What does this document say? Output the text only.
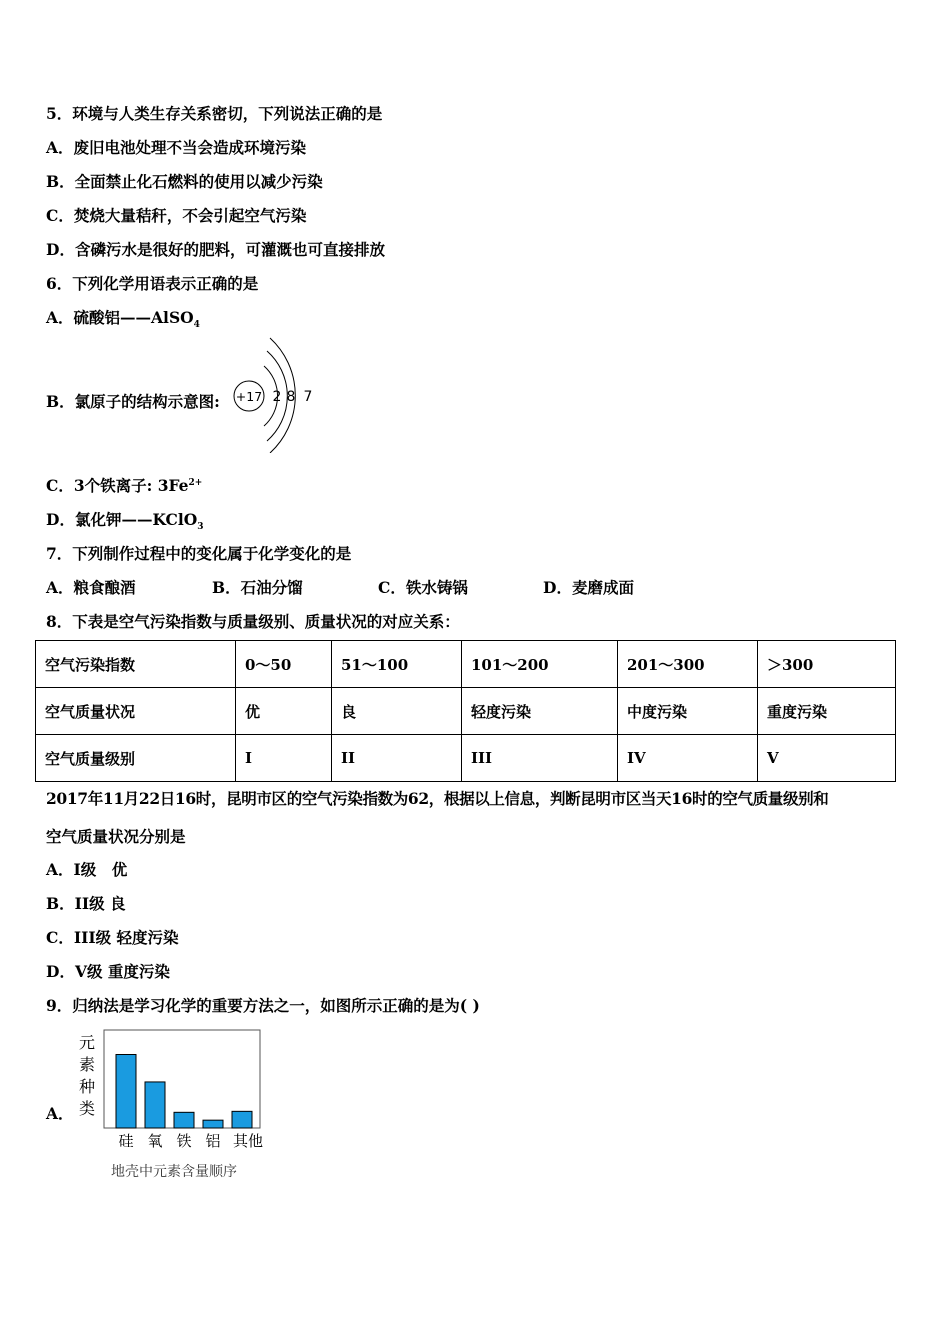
5．环境与人类生存关系密切，下列说法正确的是
A．废旧电池处理不当会造成环境污染
B．全面禁止化石燃料的使用以减少污染
C．焚烧大量秸秆，不会引起空气污染
D．含磷污水是很好的肥料，可灌溉也可直接排放
6．下列化学用语表示正确的是
A．硫酸铝——AlSO$_4$
B．氯原子的结构示意图: +17 2 8 7
C．3个铁离子: $3Fe^{2+}$
D．氯化钾——KClO$_3$
7．下列制作过程中的变化属于化学变化的是
A．粮食酿酒	B．石油分馏	C．铁水铸锅	D．麦磨成面
8．下表是空气污染指数与质量级别、质量状况的对应关系：
空气污染指数	0～50	51～100	101～200	201～300	＞300
空气质量状况	优	良	轻度污染	中度污染	重度污染
空气质量级别	I	II	III	IV	V
2017年11月22日16时，昆明市区的空气污染指数为62，根据以上信息，判断昆明市区当天16时的空气质量级别和
空气质量状况分别是
A．I级　优
B．II级 良
C．III级 轻度污染
D．V级 重度污染
9．归纳法是学习化学的重要方法之一，如图所示正确的是为( )
A．
元
素
种
类
硅 氧 铁 铝 其他
地壳中元素含量顺序
